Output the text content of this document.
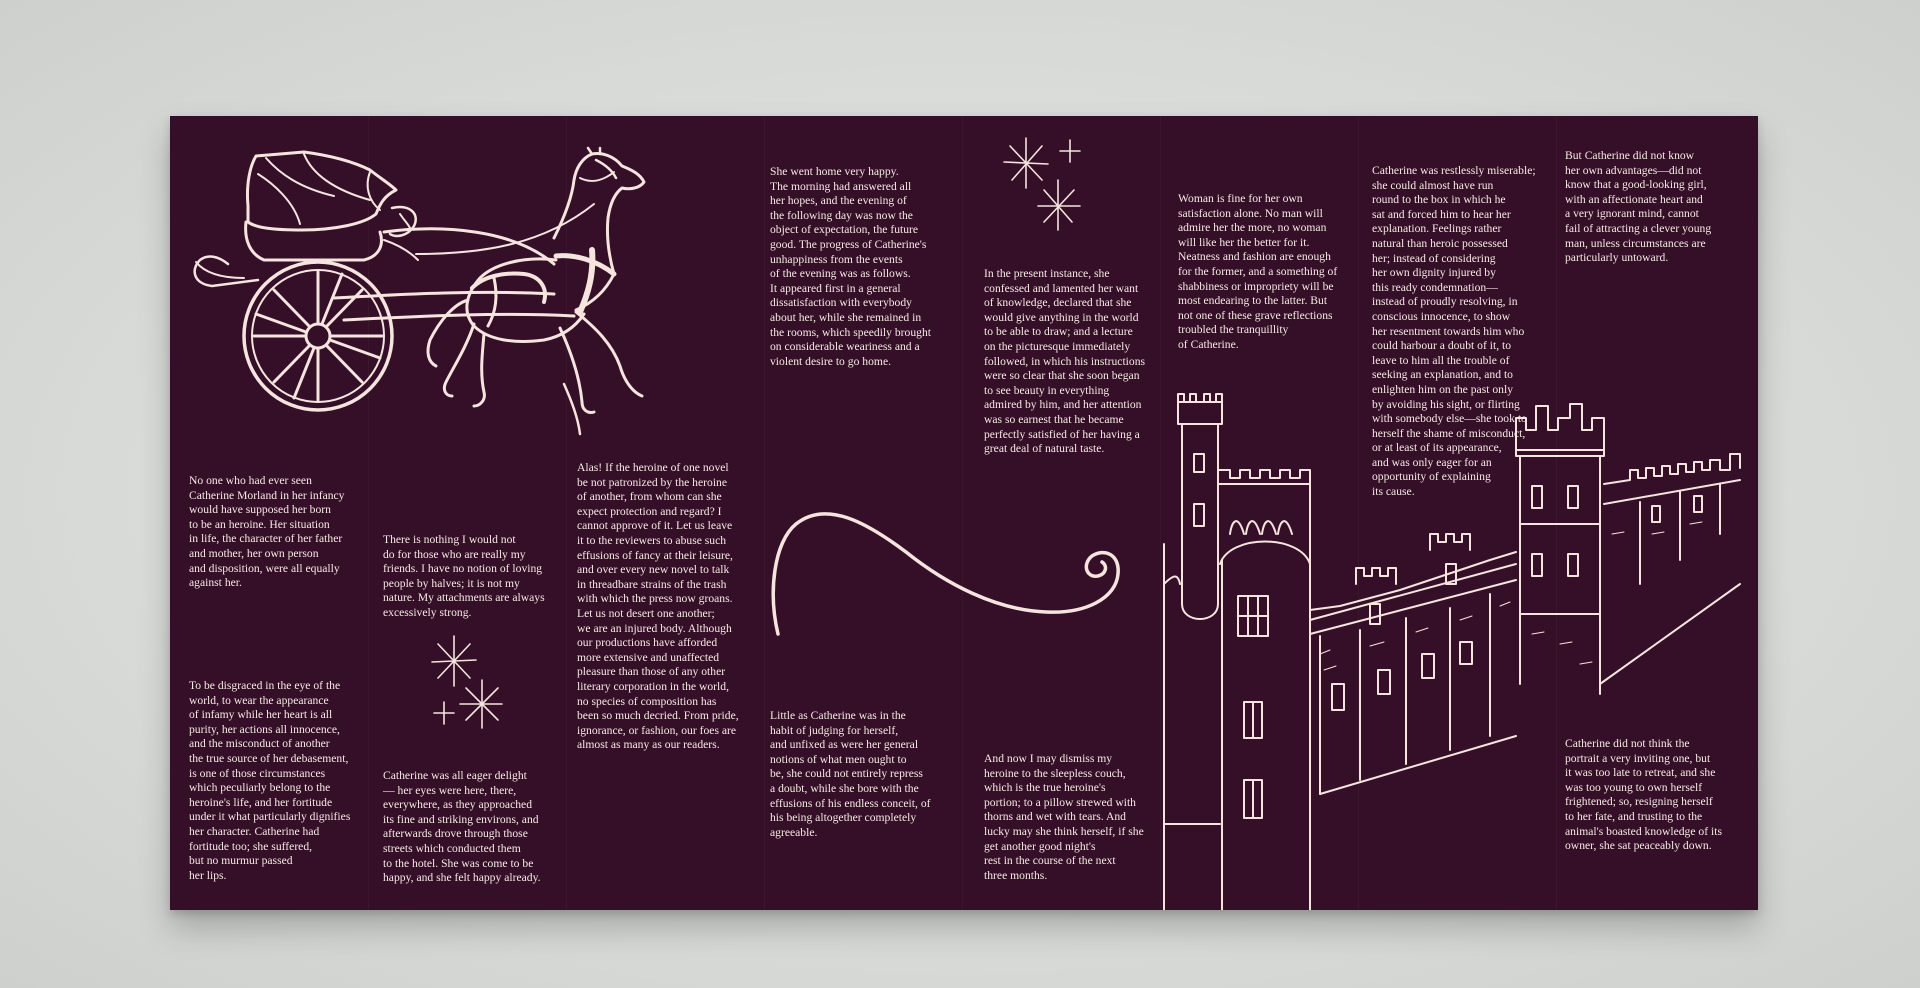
No one who had ever seen
Catherine Morland in her infancy
would have supposed her born
to be an heroine. Her situation
in life, the character of her father
and mother, her own person
and disposition, were all equally
against her.
To be disgraced in the eye of the
world, to wear the appearance
of infamy while her heart is all
purity, her actions all innocence,
and the misconduct of another
the true source of her debasement,
is one of those circumstances
which peculiarly belong to the
heroine's life, and her fortitude
under it what particularly dignifies
her character. Catherine had
fortitude too; she suffered,
but no murmur passed
her lips.
There is nothing I would not
do for those who are really my
friends. I have no notion of loving
people by halves; it is not my
nature. My attachments are always
excessively strong.
Catherine was all eager delight
— her eyes were here, there,
everywhere, as they approached
its fine and striking environs, and
afterwards drove through those
streets which conducted them
to the hotel. She was come to be
happy, and she felt happy already.
Alas! If the heroine of one novel
be not patronized by the heroine
of another, from whom can she
expect protection and regard? I
cannot approve of it. Let us leave
it to the reviewers to abuse such
effusions of fancy at their leisure,
and over every new novel to talk
in threadbare strains of the trash
with which the press now groans.
Let us not desert one another;
we are an injured body. Although
our productions have afforded
more extensive and unaffected
pleasure than those of any other
literary corporation in the world,
no species of composition has
been so much decried. From pride,
ignorance, or fashion, our foes are
almost as many as our readers.
She went home very happy.
The morning had answered all
her hopes, and the evening of
the following day was now the
object of expectation, the future
good. The progress of Catherine's
unhappiness from the events
of the evening was as follows.
It appeared first in a general
dissatisfaction with everybody
about her, while she remained in
the rooms, which speedily brought
on considerable weariness and a
violent desire to go home.
Little as Catherine was in the
habit of judging for herself,
and unfixed as were her general
notions of what men ought to
be, she could not entirely repress
a doubt, while she bore with the
effusions of his endless conceit, of
his being altogether completely
agreeable.
In the present instance, she
confessed and lamented her want
of knowledge, declared that she
would give anything in the world
to be able to draw; and a lecture
on the picturesque immediately
followed, in which his instructions
were so clear that she soon began
to see beauty in everything
admired by him, and her attention
was so earnest that he became
perfectly satisfied of her having a
great deal of natural taste.
And now I may dismiss my
heroine to the sleepless couch,
which is the true heroine's
portion; to a pillow strewed with
thorns and wet with tears. And
lucky may she think herself, if she
get another good night's
rest in the course of the next
three months.
Woman is fine for her own
satisfaction alone. No man will
admire her the more, no woman
will like her the better for it.
Neatness and fashion are enough
for the former, and a something of
shabbiness or impropriety will be
most endearing to the latter. But
not one of these grave reflections
troubled the tranquillity
of Catherine.
Catherine was restlessly miserable;
she could almost have run
round to the box in which he
sat and forced him to hear her
explanation. Feelings rather
natural than heroic possessed
her; instead of considering
her own dignity injured by
this ready condemnation—
instead of proudly resolving, in
conscious innocence, to show
her resentment towards him who
could harbour a doubt of it, to
leave to him all the trouble of
seeking an explanation, and to
enlighten him on the past only
by avoiding his sight, or flirting
with somebody else—she took to
herself the shame of misconduct,
or at least of its appearance,
and was only eager for an
opportunity of explaining
its cause.
But Catherine did not know
her own advantages—did not
know that a good-looking girl,
with an affectionate heart and
a very ignorant mind, cannot
fail of attracting a clever young
man, unless circumstances are
particularly untoward.
Catherine did not think the
portrait a very inviting one, but
it was too late to retreat, and she
was too young to own herself
frightened; so, resigning herself
to her fate, and trusting to the
animal's boasted knowledge of its
owner, she sat peaceably down.
